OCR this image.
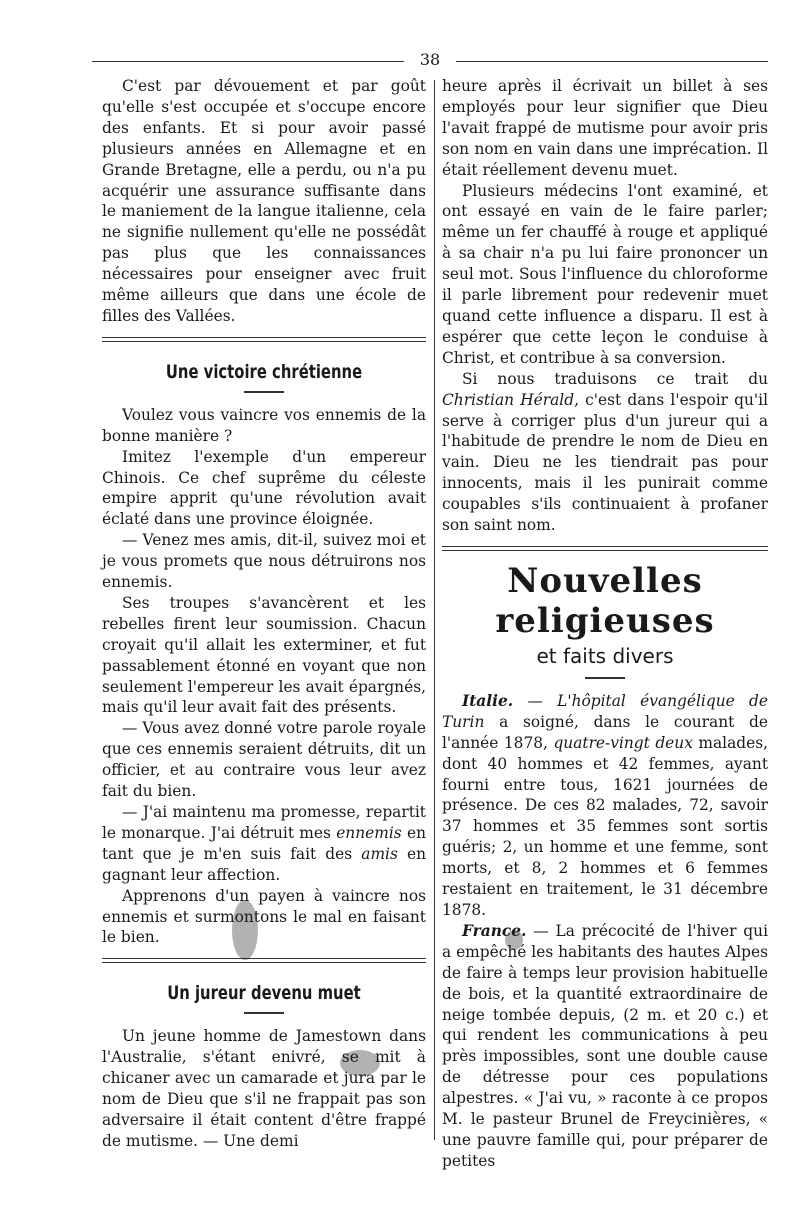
38

C'est par dévouement et par goût qu'elle s'est occupée et s'occupe encore des enfants. Et si pour avoir passé plusieurs années en Allemagne et en Grande Bretagne, elle a perdu, ou n'a pu acquérir une assurance suffisante dans le maniement de la langue italienne, cela ne signifie nullement qu'elle ne possédât pas plus que les connaissances nécessaires pour enseigner avec fruit même ailleurs que dans une école de filles des Vallées.

Une victoire chrétienne

Voulez vous vaincre vos ennemis de la bonne manière ?

Imitez l'exemple d'un empereur Chinois. Ce chef suprême du céleste empire apprit qu'une révolution avait éclaté dans une province éloignée.

— Venez mes amis, dit-il, suivez moi et je vous promets que nous détruirons nos ennemis.

Ses troupes s'avancèrent et les rebelles firent leur soumission. Chacun croyait qu'il allait les exterminer, et fut passablement étonné en voyant que non seulement l'empereur les avait épargnés, mais qu'il leur avait fait des présents.

— Vous avez donné votre parole royale que ces ennemis seraient détruits, dit un officier, et au contraire vous leur avez fait du bien.

— J'ai maintenu ma promesse, repartit le monarque. J'ai détruit mes ennemis en tant que je m'en suis fait des amis en gagnant leur affection.

Apprenons d'un payen à vaincre nos ennemis et surmontons le mal en faisant le bien.

Un jureur devenu muet

Un jeune homme de Jamestown dans l'Australie, s'étant enivré, se mit à chicaner avec un camarade et jura par le nom de Dieu que s'il ne frappait pas son adversaire il était content d'être frappé de mutisme. — Une demi

heure après il écrivait un billet à ses employés pour leur signifier que Dieu l'avait frappé de mutisme pour avoir pris son nom en vain dans une imprécation. Il était réellement devenu muet.

Plusieurs médecins l'ont examiné, et ont essayé en vain de le faire parler; même un fer chauffé à rouge et appliqué à sa chair n'a pu lui faire prononcer un seul mot. Sous l'influence du chloroforme il parle librement pour redevenir muet quand cette influence a disparu. Il est à espérer que cette leçon le conduise à Christ, et contribue à sa conversion.

Si nous traduisons ce trait du Christian Hérald, c'est dans l'espoir qu'il serve à corriger plus d'un jureur qui a l'habitude de prendre le nom de Dieu en vain. Dieu ne les tiendrait pas pour innocents, mais il les punirait comme coupables s'ils continuaient à profaner son saint nom.

Nouvelles religieuses
et faits divers

Italie. — L'hôpital évangélique de Turin a soigné, dans le courant de l'année 1878, quatre-vingt deux malades, dont 40 hommes et 42 femmes, ayant fourni entre tous, 1621 journées de présence. De ces 82 malades, 72, savoir 37 hommes et 35 femmes sont sortis guéris; 2, un homme et une femme, sont morts, et 8, 2 hommes et 6 femmes restaient en traitement, le 31 décembre 1878.

France. — La précocité de l'hiver qui a empêché les habitants des hautes Alpes de faire à temps leur provision habituelle de bois, et la quantité extraordinaire de neige tombée depuis, (2 m. et 20 c.) et qui rendent les communications à peu près impossibles, sont une double cause de détresse pour ces populations alpestres. « J'ai vu, » raconte à ce propos M. le pasteur Brunel de Freycinières, « une pauvre famille qui, pour préparer de petites
